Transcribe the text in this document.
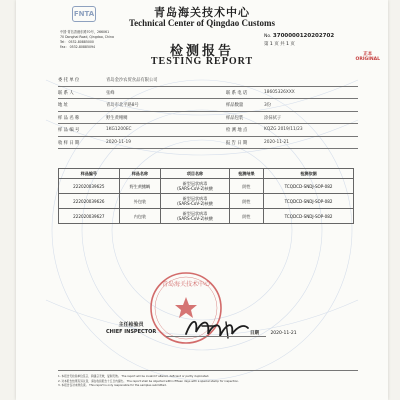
FNTA	青岛海关技术中心
Technical Center of Qingdao Customs
中国·青岛香港东路70号，266061
70 Donghai Road, Qingdao, China
Tel： 0532-80885000
Fax： 0532-80885094	检测报告
TESTING REPORT
No. 3700000120202702
第 1 页 共 1 页
正本
ORIGINAL
委 托 单 位	青岛金沙农贸食品有限公司
联 系 人	张峰	联 系 电 话	18605326XXX
地 址	青岛市北平路8号	样品数量	3份
样 品 名 称	野生黄鳍鲷	样品包装	涂抹拭子
样 品 编 号	1KG1200EC	检 测 地 点	KQZG 2019/11/23
收 样 日 期	2020-11-19	报 告 日 期	2020-11-21
样品编号	样品名称	项目名称	检测结果	检测依据
222020039625	野生黄鳍鲷	新型冠状病毒
(SARS-CoV-2)核酸	阴性	TCQDCD-SNDJ-SOP-082
222020039626	外包装	新型冠状病毒
(SARS-CoV-2)核酸	阴性	TCQDCD-SNDJ-SOP-082
222020039627	内包装	新型冠状病毒
(SARS-CoV-2)核酸	阴性	TCQDCD-SNDJ-SOP-082
青岛海关技术中心
主任检验员
CHIEF INSPECTOR	日期	2020-11-21
1. 本报告无检验单位签章、骑缝章无效，复制无效。 The report will be invalid if altered, deficient or partly duplicated.
2. 对本报告结果有异议者，请在收到报告十五日内提出。 The report shall be objected within fifteen days with a special stamp for inspection.
3. 本报告仅对来样负责。 This report is only responsible for the samples submitted.
